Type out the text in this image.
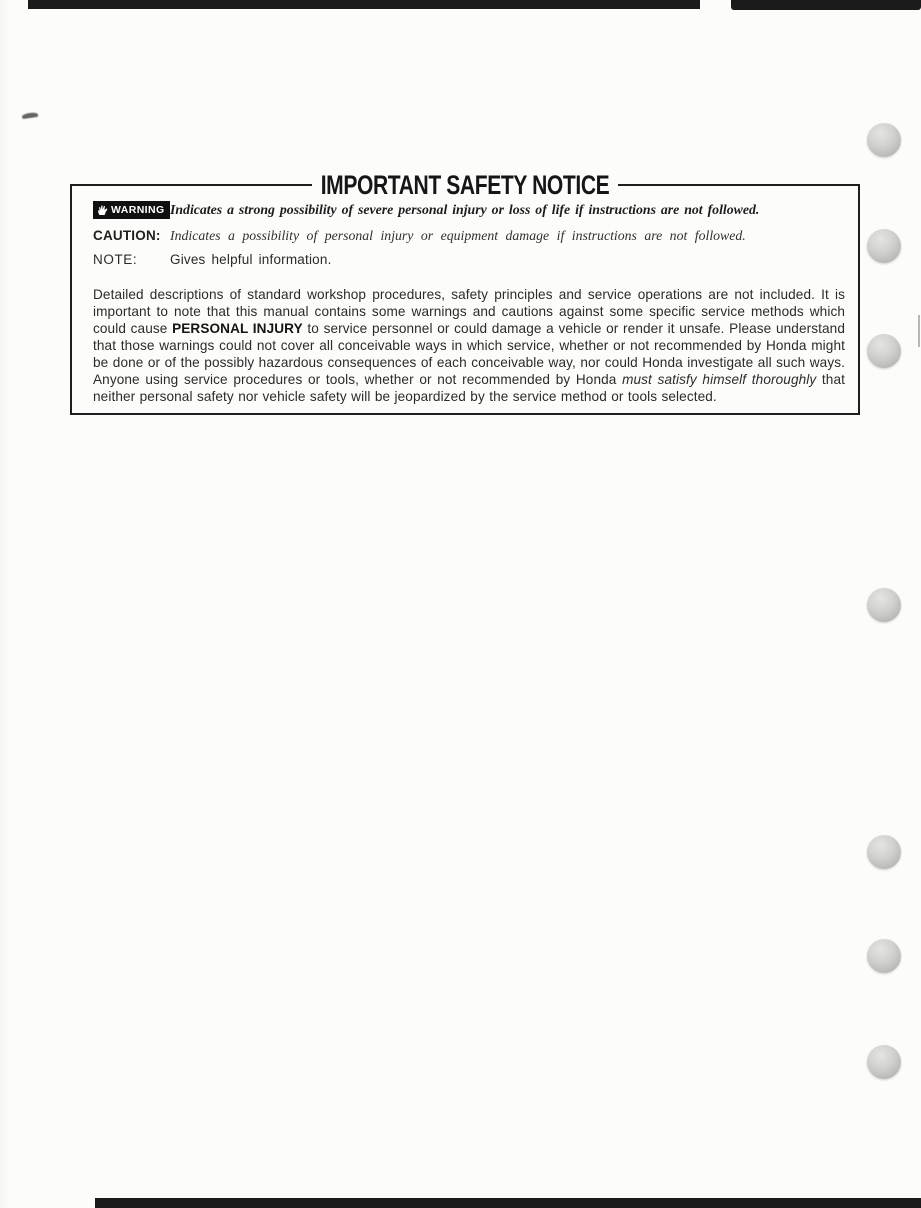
IMPORTANT SAFETY NOTICE
WARNING Indicates a strong possibility of severe personal injury or loss of life if instructions are not followed.
CAUTION: Indicates a possibility of personal injury or equipment damage if instructions are not followed.
NOTE:	Gives helpful information.
Detailed descriptions of standard workshop procedures, safety principles and service operations are not included. It is important to note that this manual contains some warnings and cautions against some specific service methods which could cause PERSONAL INJURY to service personnel or could damage a vehicle or render it unsafe. Please understand that those warnings could not cover all conceivable ways in which service, whether or not recommended by Honda might be done or of the possibly hazardous consequences of each conceivable way, nor could Honda investigate all such ways. Anyone using service procedures or tools, whether or not recommended by Honda must satisfy himself thoroughly that neither personal safety nor vehicle safety will be jeopardized by the service method or tools selected.
